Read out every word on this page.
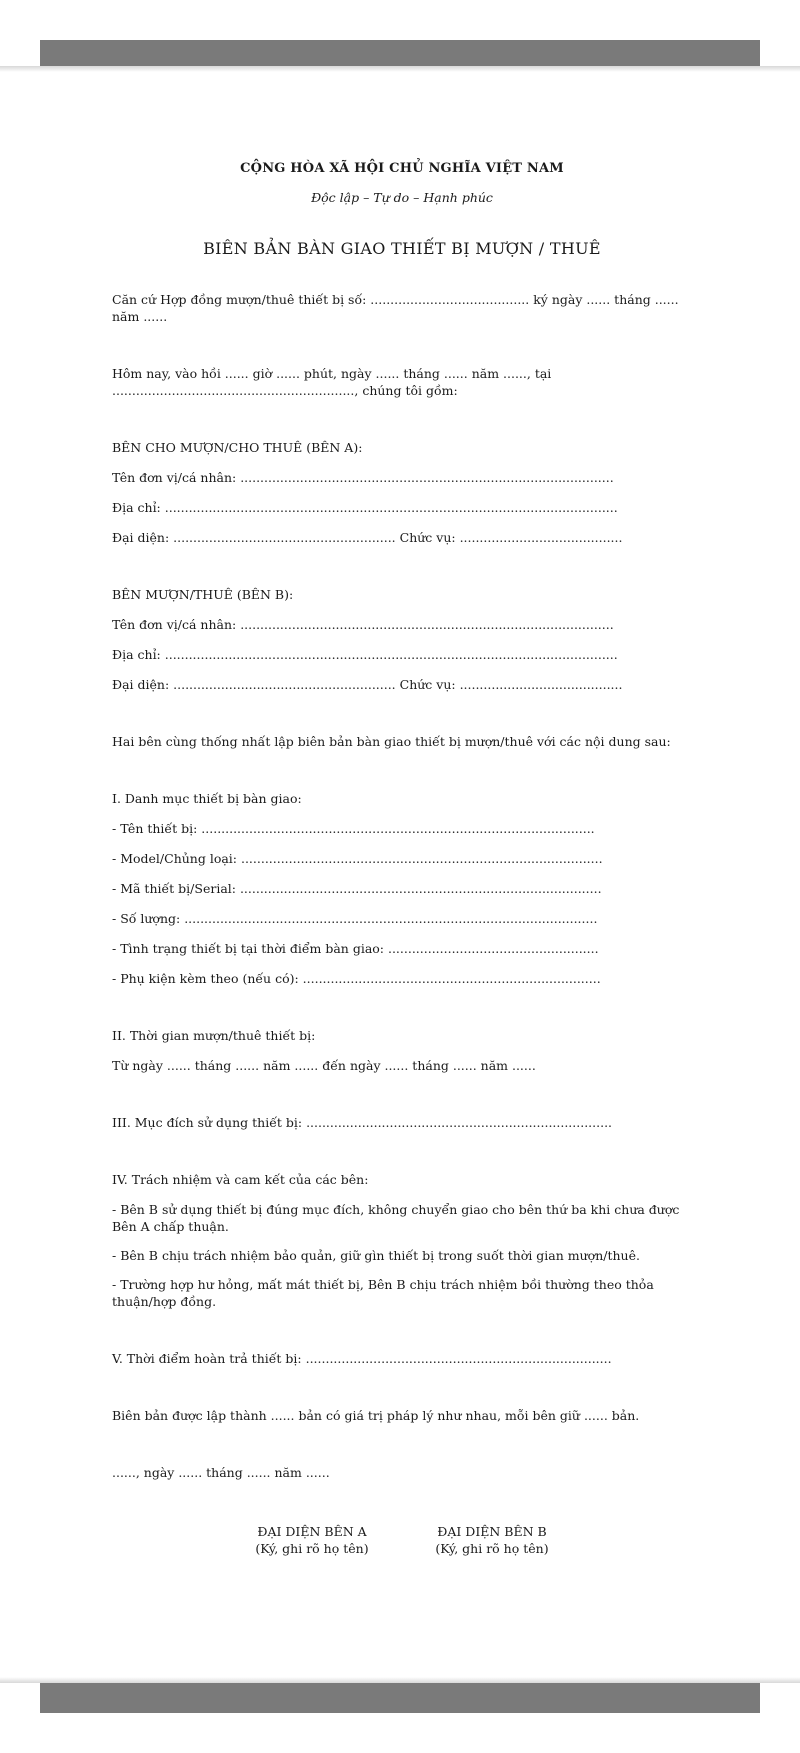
CỘNG HÒA XÃ HỘI CHỦ NGHĨA VIỆT NAM

Độc lập – Tự do – Hạnh phúc

BIÊN BẢN BÀN GIAO THIẾT BỊ MƯỢN / THUÊ

Căn cứ Hợp đồng mượn/thuê thiết bị số: ........................................ ký ngày ...... tháng ...... năm ......

Hôm nay, vào hồi ...... giờ ...... phút, ngày ...... tháng ...... năm ......, tại ............................................................., chúng tôi gồm:

BÊN CHO MƯỢN/CHO THUÊ (BÊN A):

Tên đơn vị/cá nhân: ..............................................................................................

Địa chỉ: ..................................................................................................................

Đại diện: ........................................................ Chức vụ: .........................................

BÊN MƯỢN/THUÊ (BÊN B):

Tên đơn vị/cá nhân: ..............................................................................................

Địa chỉ: ..................................................................................................................

Đại diện: ........................................................ Chức vụ: .........................................

Hai bên cùng thống nhất lập biên bản bàn giao thiết bị mượn/thuê với các nội dung sau:

I. Danh mục thiết bị bàn giao:

- Tên thiết bị: ...................................................................................................

- Model/Chủng loại: ...........................................................................................

- Mã thiết bị/Serial: ...........................................................................................

- Số lượng: ........................................................................................................

- Tình trạng thiết bị tại thời điểm bàn giao: .....................................................

- Phụ kiện kèm theo (nếu có): ...........................................................................

II. Thời gian mượn/thuê thiết bị:

Từ ngày ...... tháng ...... năm ...... đến ngày ...... tháng ...... năm ......

III. Mục đích sử dụng thiết bị: .............................................................................

IV. Trách nhiệm và cam kết của các bên:

- Bên B sử dụng thiết bị đúng mục đích, không chuyển giao cho bên thứ ba khi chưa được Bên A chấp thuận.

- Bên B chịu trách nhiệm bảo quản, giữ gìn thiết bị trong suốt thời gian mượn/thuê.

- Trường hợp hư hỏng, mất mát thiết bị, Bên B chịu trách nhiệm bồi thường theo thỏa thuận/hợp đồng.

V. Thời điểm hoàn trả thiết bị: .............................................................................

Biên bản được lập thành ...... bản có giá trị pháp lý như nhau, mỗi bên giữ ...... bản.

......, ngày ...... tháng ...... năm ......

ĐẠI DIỆN BÊN A
(Ký, ghi rõ họ tên)
ĐẠI DIỆN BÊN B
(Ký, ghi rõ họ tên)
